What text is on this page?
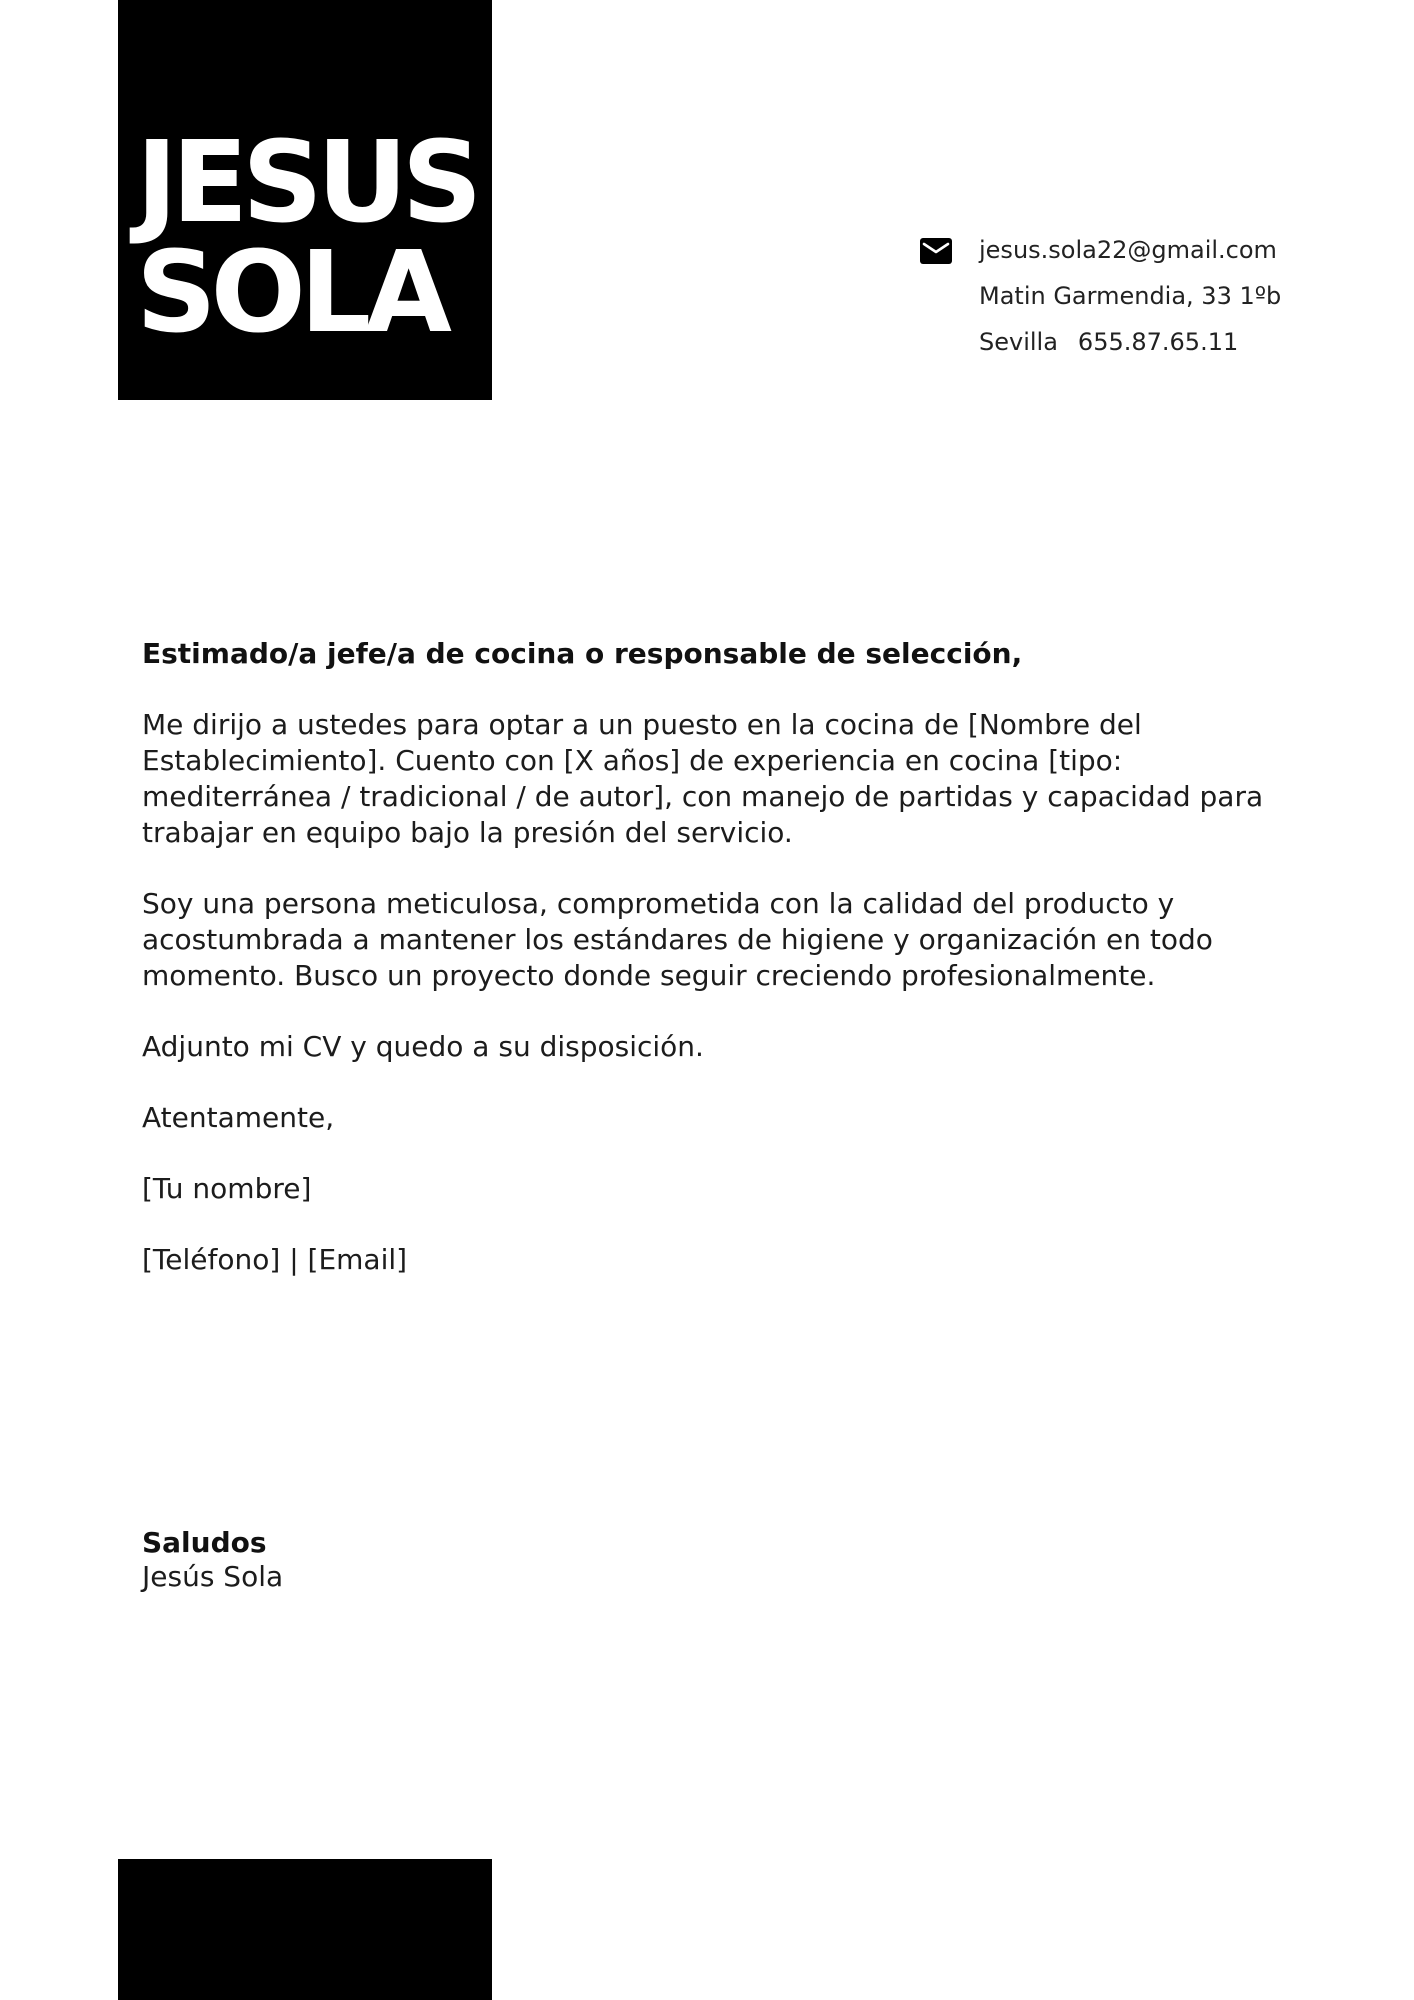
JESUS
SOLA	jesus.sola22@gmail.com
Matin Garmendia, 33 1ºb
Sevilla 655.87.65.11

Estimado/a jefe/a de cocina o responsable de selección,

Me dirijo a ustedes para optar a un puesto en la cocina de [Nombre del Establecimiento]. Cuento con [X años] de experiencia en cocina [tipo: mediterránea / tradicional / de autor], con manejo de partidas y capacidad para trabajar en equipo bajo la presión del servicio.

Soy una persona meticulosa, comprometida con la calidad del producto y acostumbrada a mantener los estándares de higiene y organización en todo momento. Busco un proyecto donde seguir creciendo profesionalmente.

Adjunto mi CV y quedo a su disposición.

Atentamente,

[Tu nombre]

[Teléfono] | [Email]

Saludos
Jesús Sola
